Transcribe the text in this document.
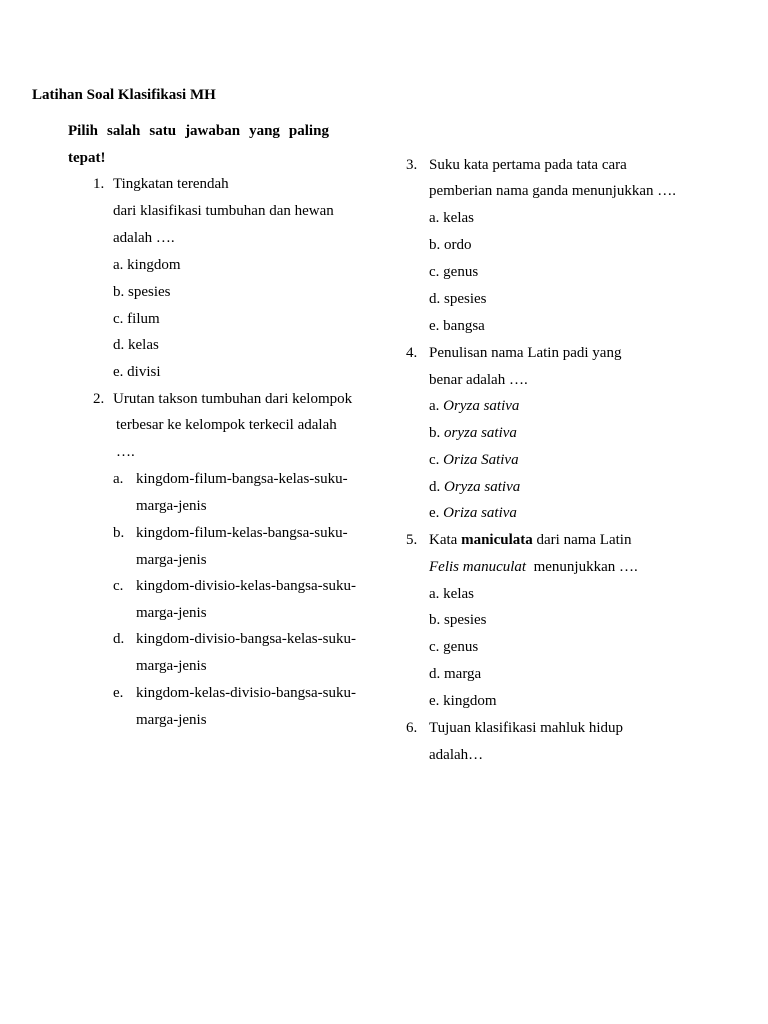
Latihan Soal Klasifikasi MH
Pilih salah satu jawaban yang paling
tepat!
1. Tingkatan terendah
dari klasifikasi tumbuhan dan hewan
adalah ….
a. kingdom
b. spesies
c. filum
d. kelas
e. divisi
2. Urutan takson tumbuhan dari kelompok
terbesar ke kelompok terkecil adalah
….
a. kingdom-filum-bangsa-kelas-suku-
marga-jenis
b. kingdom-filum-kelas-bangsa-suku-
marga-jenis
c. kingdom-divisio-kelas-bangsa-suku-
marga-jenis
d. kingdom-divisio-bangsa-kelas-suku-
marga-jenis
e. kingdom-kelas-divisio-bangsa-suku-
marga-jenis
3. Suku kata pertama pada tata cara
pemberian nama ganda menunjukkan ….
a. kelas
b. ordo
c. genus
d. spesies
e. bangsa
4. Penulisan nama Latin padi yang
benar adalah ….
a. Oryza sativa
b. oryza sativa
c. Oriza Sativa
d. Oryza sativa
e. Oriza sativa
5. Kata maniculata dari nama Latin
Felis manuculat menunjukkan ….
a. kelas
b. spesies
c. genus
d. marga
e. kingdom
6. Tujuan klasifikasi mahluk hidup
adalah…
